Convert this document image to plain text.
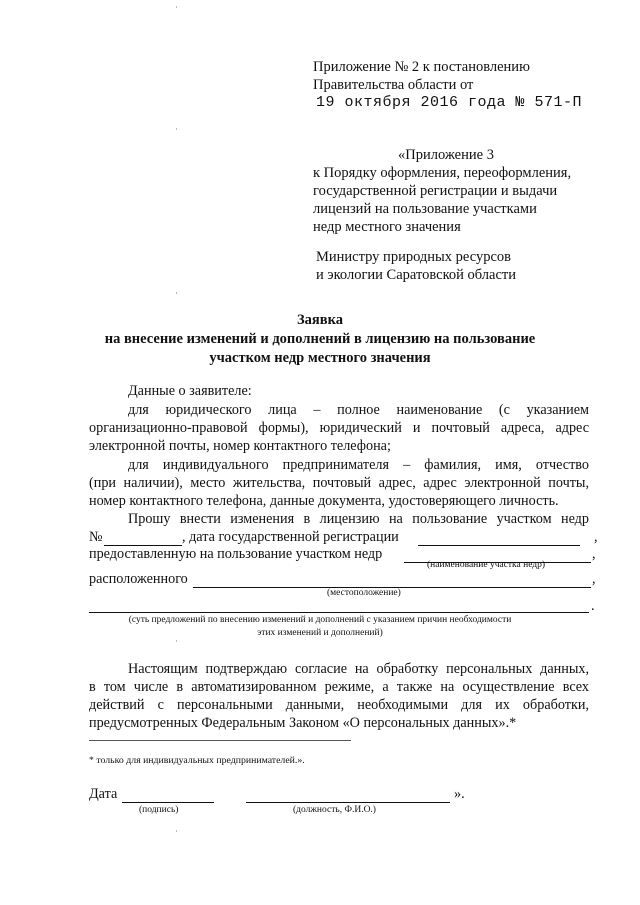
Приложение № 2 к постановлению
Правительства области от
19 октября 2016 года № 571-П
«Приложение 3
к Порядку оформления, переоформления,
государственной регистрации и выдачи
лицензий на пользование участками
недр местного значения
Министру природных ресурсов
и экологии Саратовской области
Заявка
на внесение изменений и дополнений в лицензию на пользование
участком недр местного значения
Данные о заявителе:
для юридического лица – полное наименование (с указанием
организационно-правовой формы), юридический и почтовый адреса, адрес
электронной почты, номер контактного телефона;
для индивидуального предпринимателя – фамилия, имя, отчество
(при наличии), место жительства, почтовый адрес, адрес электронной почты,
номер контактного телефона, данные документа, удостоверяющего личность.
Прошу внести изменения в лицензию на пользование участком недр
№	, дата государственной регистрации	,
предоставленную на пользование участком недр	,
(наименование участка недр)
расположенного	,
(местоположение)
.
(суть предложений по внесению изменений и дополнений с указанием причин необходимости
этих изменений и дополнений)
Настоящим подтверждаю согласие на обработку персональных данных,
в том числе в автоматизированном режиме, а также на осуществление всех
действий с персональными данными, необходимыми для их обработки,
предусмотренных Федеральным Законом «О персональных данных».*
* только для индивидуальных предпринимателей.».
Дата	».
(подпись)	(должность, Ф.И.О.)
